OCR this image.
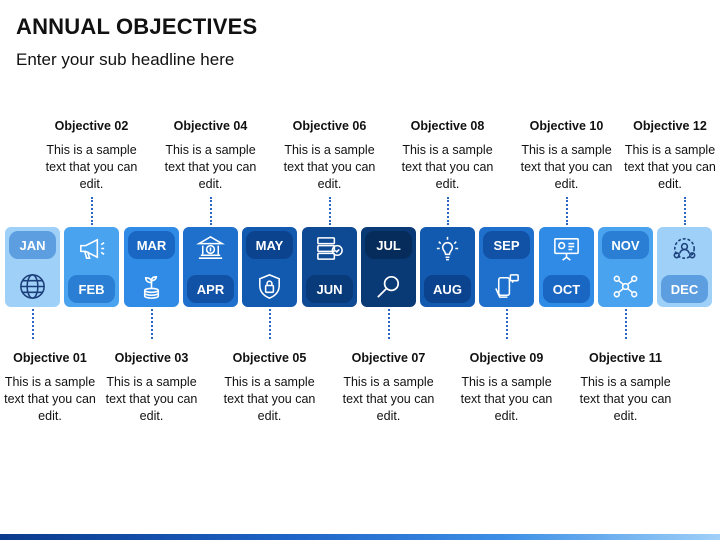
ANNUAL OBJECTIVES

Enter your sub headline here

JAN
Objective 01
This is a sample text that you can edit.
FEB
Objective 02
This is a sample text that you can edit.
MAR
Objective 03
This is a sample text that you can edit.
APR
Objective 04
This is a sample text that you can edit.
MAY
Objective 05
This is a sample text that you can edit.
JUN
Objective 06
This is a sample text that you can edit.
JUL
Objective 07
This is a sample text that you can edit.
AUG
Objective 08
This is a sample text that you can edit.
SEP
Objective 09
This is a sample text that you can edit.
OCT
Objective 10
This is a sample text that you can edit.
NOV
Objective 11
This is a sample text that you can edit.
DEC
Objective 12
This is a sample text that you can edit.
